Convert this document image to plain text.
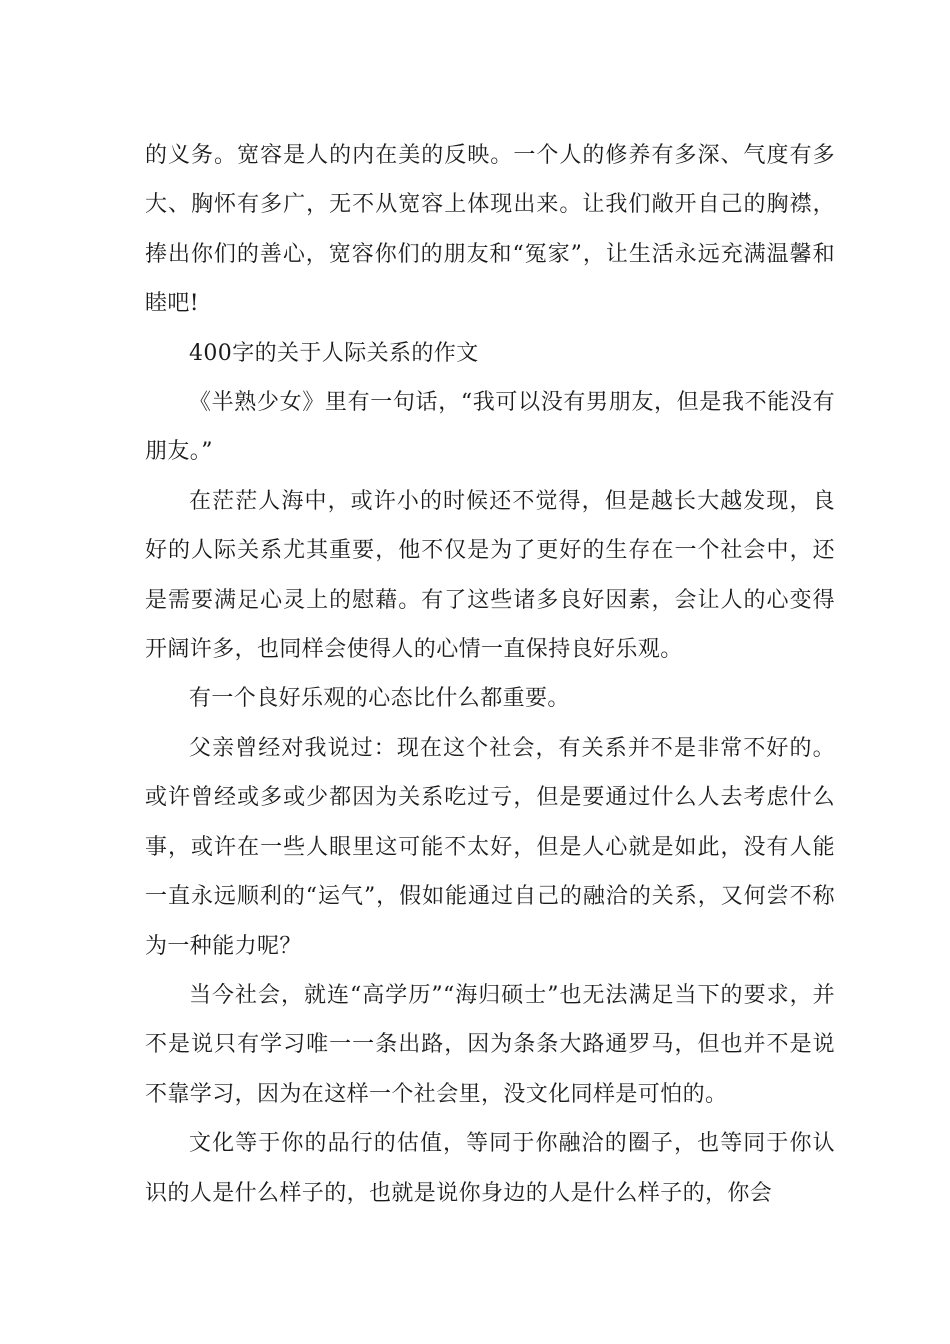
的义务。宽容是人的内在美的反映。一个人的修养有多深、气度有多大、胸怀有多广，无不从宽容上体现出来。让我们敞开自己的胸襟，捧出你们的善心，宽容你们的朋友和“冤家”，让生活永远充满温馨和睦吧!

400字的关于人际关系的作文

《半熟少女》里有一句话，“我可以没有男朋友，但是我不能没有朋友。”

在茫茫人海中，或许小的时候还不觉得，但是越长大越发现，良好的人际关系尤其重要，他不仅是为了更好的生存在一个社会中，还是需要满足心灵上的慰藉。有了这些诸多良好因素，会让人的心变得开阔许多，也同样会使得人的心情一直保持良好乐观。

有一个良好乐观的心态比什么都重要。

父亲曾经对我说过：现在这个社会，有关系并不是非常不好的。或许曾经或多或少都因为关系吃过亏，但是要通过什么人去考虑什么事，或许在一些人眼里这可能不太好，但是人心就是如此，没有人能一直永远顺利的“运气”，假如能通过自己的融洽的关系，又何尝不称为一种能力呢？

当今社会，就连“高学历”“海归硕士”也无法满足当下的要求，并不是说只有学习唯一一条出路，因为条条大路通罗马，但也并不是说不靠学习，因为在这样一个社会里，没文化同样是可怕的。

文化等于你的品行的估值，等同于你融洽的圈子，也等同于你认识的人是什么样子的，也就是说你身边的人是什么样子的，你会
